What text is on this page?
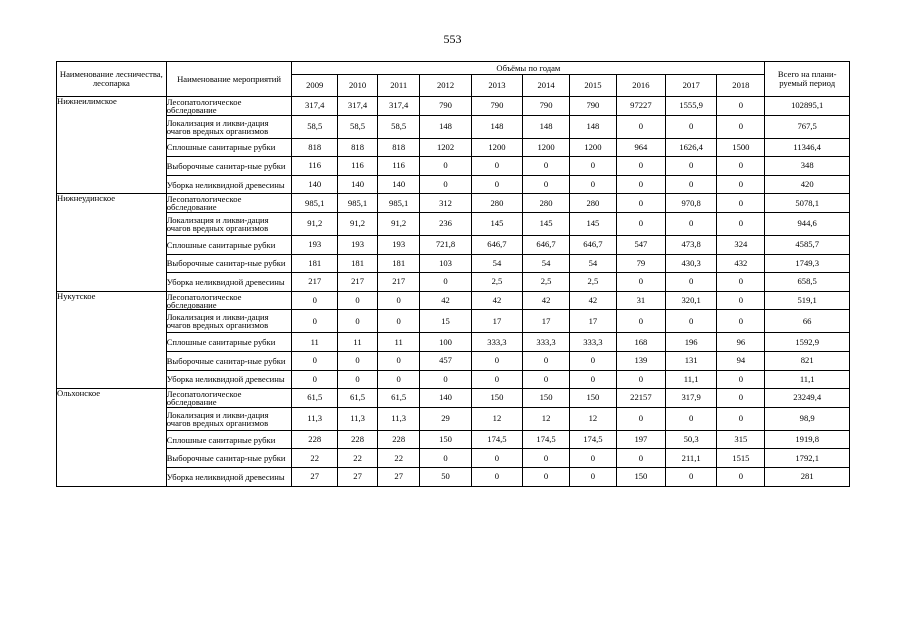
553
Наименование лесничества, лесопарка	Наименование мероприятий	Объёмы по годам										Всего на плани-руемый период
		2009	2010	2011	2012	2013	2014	2015	2016	2017	2018	
Нижнеилимское	Лесопатологическое обследование	317,4	317,4	317,4	790	790	790	790	97227	1555,9	0	102895,1
	Локализация и ликви-дация очагов вредных организмов	58,5	58,5	58,5	148	148	148	148	0	0	0	767,5
	Сплошные санитарные рубки	818	818	818	1202	1200	1200	1200	964	1626,4	1500	11346,4
	Выборочные санитар-ные рубки	116	116	116	0	0	0	0	0	0	0	348
	Уборка неликвидной древесины	140	140	140	0	0	0	0	0	0	0	420
Нижнеудинское	Лесопатологическое обследование	985,1	985,1	985,1	312	280	280	280	0	970,8	0	5078,1
	Локализация и ликви-дация очагов вредных организмов	91,2	91,2	91,2	236	145	145	145	0	0	0	944,6
	Сплошные санитарные рубки	193	193	193	721,8	646,7	646,7	646,7	547	473,8	324	4585,7
	Выборочные санитар-ные рубки	181	181	181	103	54	54	54	79	430,3	432	1749,3
	Уборка неликвидной древесины	217	217	217	0	2,5	2,5	2,5	0	0	0	658,5
Нукутское	Лесопатологическое обследование	0	0	0	42	42	42	42	31	320,1	0	519,1
	Локализация и ликви-дация очагов вредных организмов	0	0	0	15	17	17	17	0	0	0	66
	Сплошные санитарные рубки	11	11	11	100	333,3	333,3	333,3	168	196	96	1592,9
	Выборочные санитар-ные рубки	0	0	0	457	0	0	0	139	131	94	821
	Уборка неликвидной древесины	0	0	0	0	0	0	0	0	11,1	0	11,1
Ольхонское	Лесопатологическое обследование	61,5	61,5	61,5	140	150	150	150	22157	317,9	0	23249,4
	Локализация и ликви-дация очагов вредных организмов	11,3	11,3	11,3	29	12	12	12	0	0	0	98,9
	Сплошные санитарные рубки	228	228	228	150	174,5	174,5	174,5	197	50,3	315	1919,8
	Выборочные санитар-ные рубки	22	22	22	0	0	0	0	0	211,1	1515	1792,1
	Уборка неликвидной древесины	27	27	27	50	0	0	0	150	0	0	281
